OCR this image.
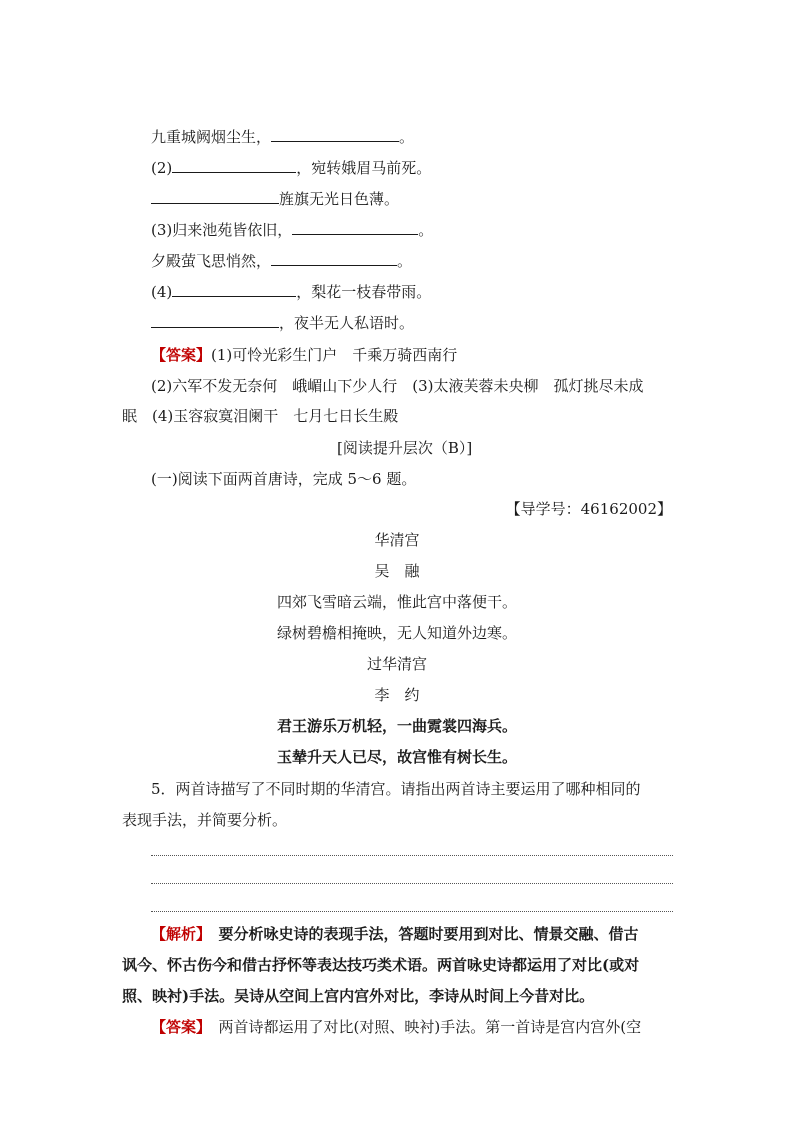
九重城阙烟尘生，	。
(2)	，宛转娥眉马前死。
旌旗无光日色薄。
(3)归来池苑皆依旧，	。
夕殿萤飞思悄然，	。
(4)	，梨花一枝春带雨。
，夜半无人私语时。
【答案】(1)可怜光彩生门户　千乘万骑西南行
(2)六军不发无奈何　峨嵋山下少人行　(3)太液芙蓉未央柳　孤灯挑尽未成
眠　(4)玉容寂寞泪阑干　七月七日长生殿
[阅读提升层次（B）]
(一)阅读下面两首唐诗，完成 5～6 题。
【导学号：46162002】
华清宫
吴　融
四郊飞雪暗云端，惟此宫中落便干。
绿树碧檐相掩映，无人知道外边寒。
过华清宫
李　约
君王游乐万机轻，一曲霓裳四海兵。
玉辇升天人已尽，故宫惟有树长生。
5．两首诗描写了不同时期的华清宫。请指出两首诗主要运用了哪种相同的
表现手法，并简要分析。
【解析】　要分析咏史诗的表现手法，答题时要用到对比、情景交融、借古
讽今、怀古伤今和借古抒怀等表达技巧类术语。两首咏史诗都运用了对比(或对
照、映衬)手法。吴诗从空间上宫内宫外对比，李诗从时间上今昔对比。
【答案】　两首诗都运用了对比(对照、映衬)手法。第一首诗是宫内宫外(空
